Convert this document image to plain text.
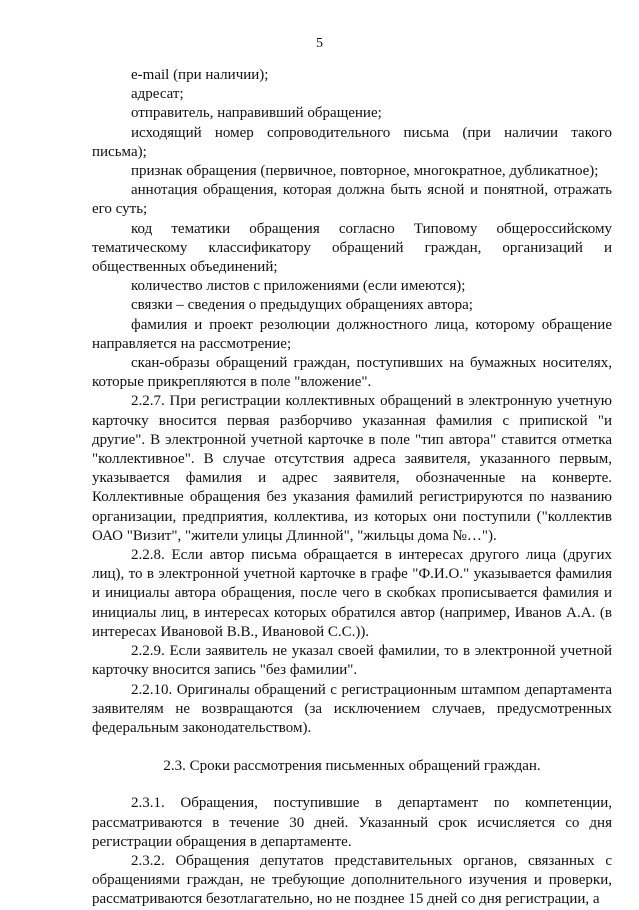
5

e-mail (при наличии);

адресат;

отправитель, направивший обращение;

исходящий номер сопроводительного письма (при наличии такого письма);

признак обращения (первичное, повторное, многократное, дубликатное);

аннотация обращения, которая должна быть ясной и понятной, отражать его суть;

код тематики обращения согласно Типовому общероссийскому тематическому классификатору обращений граждан, организаций и общественных объединений;

количество листов с приложениями (если имеются);

связки – сведения о предыдущих обращениях автора;

фамилия и проект резолюции должностного лица, которому обращение направляется на рассмотрение;

скан-образы обращений граждан, поступивших на бумажных носителях, которые прикрепляются в поле "вложение".

2.2.7. При регистрации коллективных обращений в электронную учетную карточку вносится первая разборчиво указанная фамилия с припиской "и другие". В электронной учетной карточке в поле "тип автора" ставится отметка "коллективное". В случае отсутствия адреса заявителя, указанного первым, указывается фамилия и адрес заявителя, обозначенные на конверте. Коллективные обращения без указания фамилий регистрируются по названию организации, предприятия, коллектива, из которых они поступили ("коллектив ОАО "Визит", "жители улицы Длинной", "жильцы дома №…").

2.2.8. Если автор письма обращается в интересах другого лица (других лиц), то в электронной учетной карточке в графе "Ф.И.О." указывается фамилия и инициалы автора обращения, после чего в скобках прописывается фамилия и инициалы лиц, в интересах которых обратился автор (например, Иванов А.А. (в интересах Ивановой В.В., Ивановой С.С.)).

2.2.9. Если заявитель не указал своей фамилии, то в электронной учетной карточку вносится запись "без фамилии".

2.2.10. Оригиналы обращений с регистрационным штампом департамента заявителям не возвращаются (за исключением случаев, предусмотренных федеральным законодательством).

2.3. Сроки рассмотрения письменных обращений граждан.

2.3.1. Обращения, поступившие в департамент по компетенции, рассматриваются в течение 30 дней. Указанный срок исчисляется со дня регистрации обращения в департаменте.

2.3.2. Обращения депутатов представительных органов, связанных с обращениями граждан, не требующие дополнительного изучения и проверки, рассматриваются безотлагательно, но не позднее 15 дней со дня регистрации, а
